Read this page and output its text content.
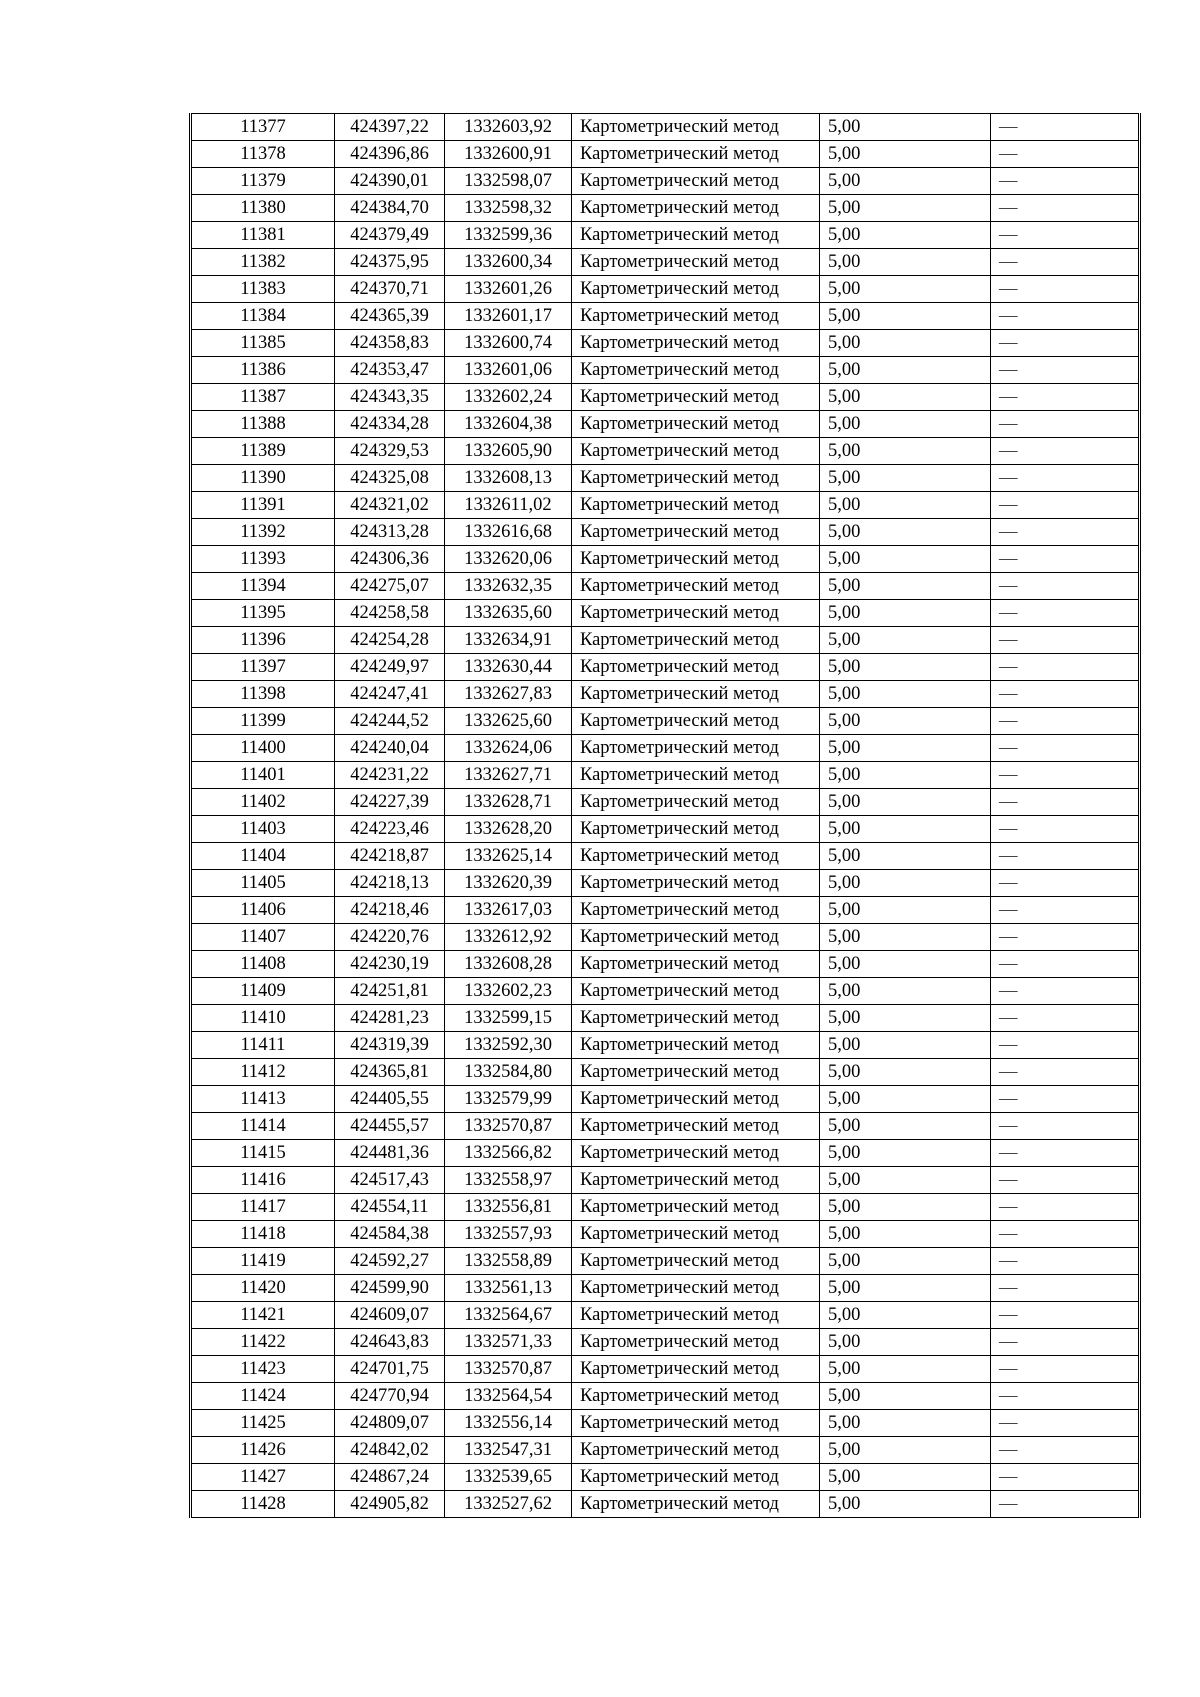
11377	424397,22	1332603,92	Картометрический метод	5,00	—
11378	424396,86	1332600,91	Картометрический метод	5,00	—
11379	424390,01	1332598,07	Картометрический метод	5,00	—
11380	424384,70	1332598,32	Картометрический метод	5,00	—
11381	424379,49	1332599,36	Картометрический метод	5,00	—
11382	424375,95	1332600,34	Картометрический метод	5,00	—
11383	424370,71	1332601,26	Картометрический метод	5,00	—
11384	424365,39	1332601,17	Картометрический метод	5,00	—
11385	424358,83	1332600,74	Картометрический метод	5,00	—
11386	424353,47	1332601,06	Картометрический метод	5,00	—
11387	424343,35	1332602,24	Картометрический метод	5,00	—
11388	424334,28	1332604,38	Картометрический метод	5,00	—
11389	424329,53	1332605,90	Картометрический метод	5,00	—
11390	424325,08	1332608,13	Картометрический метод	5,00	—
11391	424321,02	1332611,02	Картометрический метод	5,00	—
11392	424313,28	1332616,68	Картометрический метод	5,00	—
11393	424306,36	1332620,06	Картометрический метод	5,00	—
11394	424275,07	1332632,35	Картометрический метод	5,00	—
11395	424258,58	1332635,60	Картометрический метод	5,00	—
11396	424254,28	1332634,91	Картометрический метод	5,00	—
11397	424249,97	1332630,44	Картометрический метод	5,00	—
11398	424247,41	1332627,83	Картометрический метод	5,00	—
11399	424244,52	1332625,60	Картометрический метод	5,00	—
11400	424240,04	1332624,06	Картометрический метод	5,00	—
11401	424231,22	1332627,71	Картометрический метод	5,00	—
11402	424227,39	1332628,71	Картометрический метод	5,00	—
11403	424223,46	1332628,20	Картометрический метод	5,00	—
11404	424218,87	1332625,14	Картометрический метод	5,00	—
11405	424218,13	1332620,39	Картометрический метод	5,00	—
11406	424218,46	1332617,03	Картометрический метод	5,00	—
11407	424220,76	1332612,92	Картометрический метод	5,00	—
11408	424230,19	1332608,28	Картометрический метод	5,00	—
11409	424251,81	1332602,23	Картометрический метод	5,00	—
11410	424281,23	1332599,15	Картометрический метод	5,00	—
11411	424319,39	1332592,30	Картометрический метод	5,00	—
11412	424365,81	1332584,80	Картометрический метод	5,00	—
11413	424405,55	1332579,99	Картометрический метод	5,00	—
11414	424455,57	1332570,87	Картометрический метод	5,00	—
11415	424481,36	1332566,82	Картометрический метод	5,00	—
11416	424517,43	1332558,97	Картометрический метод	5,00	—
11417	424554,11	1332556,81	Картометрический метод	5,00	—
11418	424584,38	1332557,93	Картометрический метод	5,00	—
11419	424592,27	1332558,89	Картометрический метод	5,00	—
11420	424599,90	1332561,13	Картометрический метод	5,00	—
11421	424609,07	1332564,67	Картометрический метод	5,00	—
11422	424643,83	1332571,33	Картометрический метод	5,00	—
11423	424701,75	1332570,87	Картометрический метод	5,00	—
11424	424770,94	1332564,54	Картометрический метод	5,00	—
11425	424809,07	1332556,14	Картометрический метод	5,00	—
11426	424842,02	1332547,31	Картометрический метод	5,00	—
11427	424867,24	1332539,65	Картометрический метод	5,00	—
11428	424905,82	1332527,62	Картометрический метод	5,00	—
